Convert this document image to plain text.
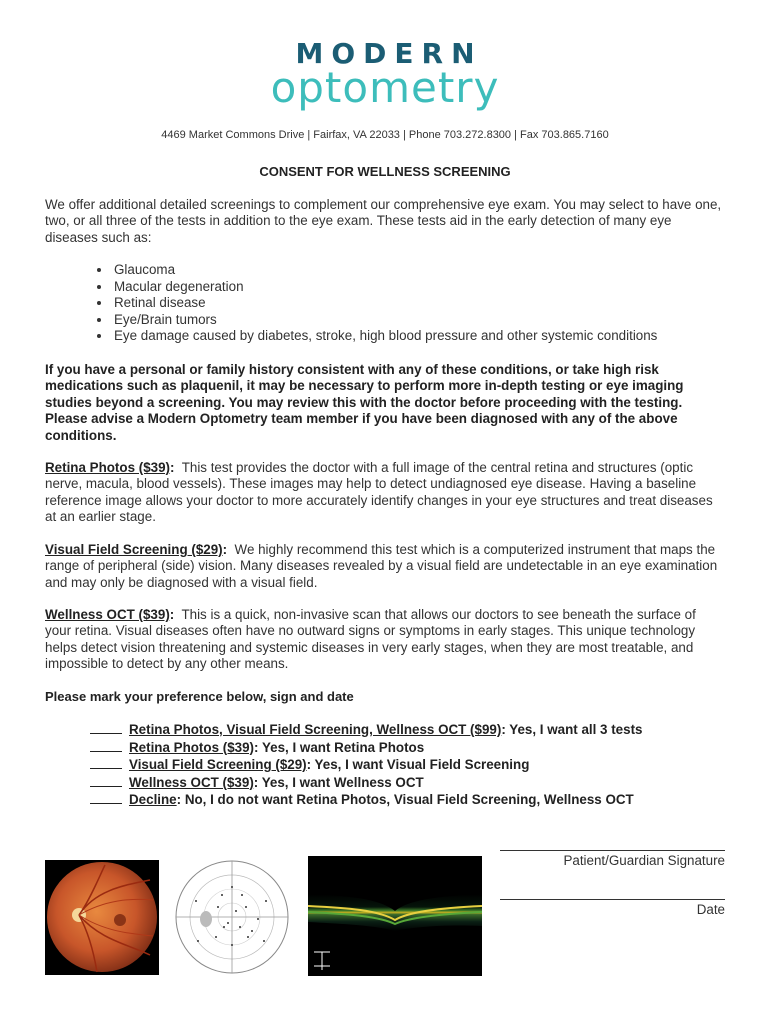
MODERN
optometry
4469 Market Commons Drive | Fairfax, VA 22033 | Phone 703.272.8300 | Fax 703.865.7160
CONSENT FOR WELLNESS SCREENING
We offer additional detailed screenings to complement our comprehensive eye exam. You may select to have one, two, or all three of the tests in addition to the eye exam. These tests aid in the early detection of many eye diseases such as:
• Glaucoma
• Macular degeneration
• Retinal disease
• Eye/Brain tumors
• Eye damage caused by diabetes, stroke, high blood pressure and other systemic conditions
If you have a personal or family history consistent with any of these conditions, or take high risk medications such as plaquenil, it may be necessary to perform more in-depth testing or eye imaging studies beyond a screening. You may review this with the doctor before proceeding with the testing. Please advise a Modern Optometry team member if you have been diagnosed with any of the above conditions.
Retina Photos ($39): This test provides the doctor with a full image of the central retina and structures (optic nerve, macula, blood vessels). These images may help to detect undiagnosed eye disease. Having a baseline reference image allows your doctor to more accurately identify changes in your eye structures and treat diseases at an earlier stage.
Visual Field Screening ($29): We highly recommend this test which is a computerized instrument that maps the range of peripheral (side) vision. Many diseases revealed by a visual field are undetectable in an eye examination and may only be diagnosed with a visual field.
Wellness OCT ($39): This is a quick, non-invasive scan that allows our doctors to see beneath the surface of your retina. Visual diseases often have no outward signs or symptoms in early stages. This unique technology helps detect vision threatening and systemic diseases in very early stages, when they are most treatable, and impossible to detect by any other means.
Please mark your preference below, sign and date
Retina Photos, Visual Field Screening, Wellness OCT ($99): Yes, I want all 3 tests
Retina Photos ($39): Yes, I want Retina Photos
Visual Field Screening ($29): Yes, I want Visual Field Screening
Wellness OCT ($39): Yes, I want Wellness OCT
Decline: No, I do not want Retina Photos, Visual Field Screening, Wellness OCT
Patient/Guardian Signature
Date
